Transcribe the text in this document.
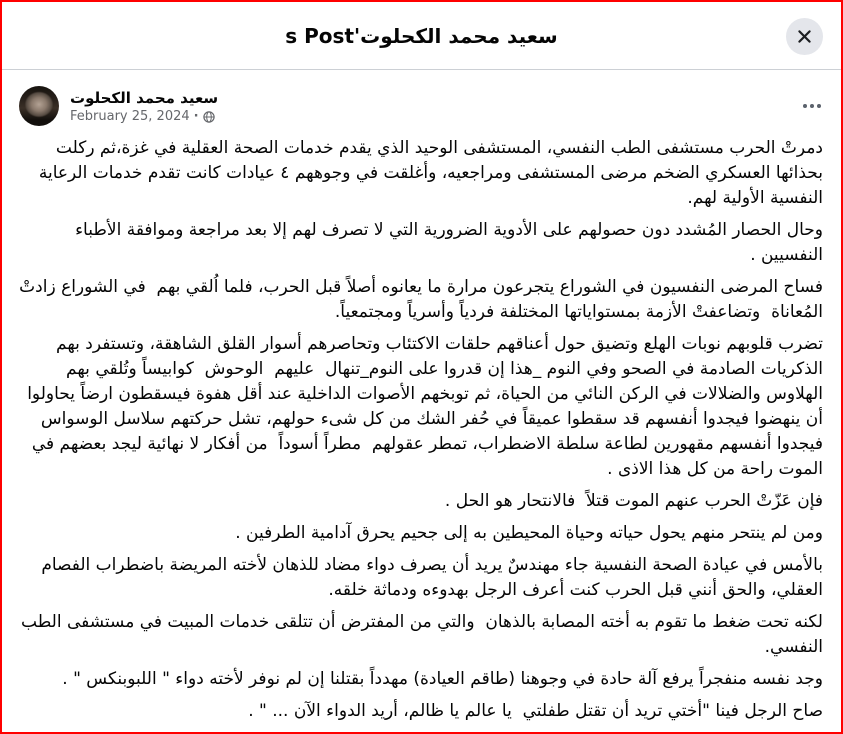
سعيد محمد الكحلوت's Post
سعيد محمد الكحلوت
February 25, 2024 ·
دمرتْ الحرب مستشفى الطب النفسي، المستشفى الوحيد الذي يقدم خدمات الصحة العقلية في غزة،ثم ركلت بحذائها العسكري الضخم مرضى المستشفى ومراجعيه، وأغلقت في وجوههم ٤ عيادات كانت تقدم خدمات الرعاية النفسية الأولية لهم.
وحال الحصار المُشدد دون حصولهم على الأدوية الضرورية التي لا تصرف لهم إلا بعد مراجعة وموافقة الأطباء النفسيين .
فساح المرضى النفسيون في الشوراع يتجرعون مرارة ما يعانوه أصلاً قبل الحرب، فلما اُلقي بهم  في الشوراع زادتْ المُعاناة  وتضاعفتْ الأزمة بمستواياتها المختلفة فردياً وأسرياً ومجتمعياً.
تضرب قلوبهم نوبات الهلع وتضيق حول أعناقهم حلقات الاكتئاب وتحاصرهم أسوار القلق الشاهقة، وتستفرد بهم الذكريات الصادمة في الصحو وفي النوم _هذا إن قدروا على النوم_تنهال  عليهم  الوحوش  كوابيساً وتُلقي بهم الهلاوس والضلالات في الركن النائي من الحياة، ثم توبخهم الأصوات الداخلية عند أقل هفوة فيسقطون ارضاً يحاولوا أن ينهضوا فيجدوا أنفسهم قد سقطوا عميقاً في حُفر الشك من كل شىء حولهم، تشل حركتهم سلاسل الوسواس فيجدوا أنفسهم مقهورين لطاعة سلطة الاضطراب، تمطر عقولهم  مطراً أسوداً  من أفكار لا نهائية ليجد بعضهم في الموت راحة من كل هذا الاذى .
فإن عَزّتْ الحرب عنهم الموت قتلاً  فالانتحار هو الحل .
ومن لم ينتحر منهم يحول حياته وحياة المحيطين به إلى جحيم يحرق آدامية الطرفين .
بالأمس في عيادة الصحة النفسية جاء مهندسٌ يريد أن يصرف دواء مضاد للذهان لأخته المريضة باضطراب الفصام العقلي، والحق أنني قبل الحرب كنت أعرف الرجل بهدوءه ودماثة خلقه.
لكنه تحت ضغط ما تقوم به أخته المصابة بالذهان  والتي من المفترض أن تتلقى خدمات المبيت في مستشفى الطب النفسي.
وجد نفسه منفجراً يرفع آلة حادة في وجوهنا (طاقم العيادة) مهدداً بقتلنا إن لم نوفر لأخته دواء " اللبوبنكس " .
صاح الرجل فينا "أختي تريد أن تقتل طفلتي  يا عالم يا ظالم، أريد الدواء الآن ... " .
